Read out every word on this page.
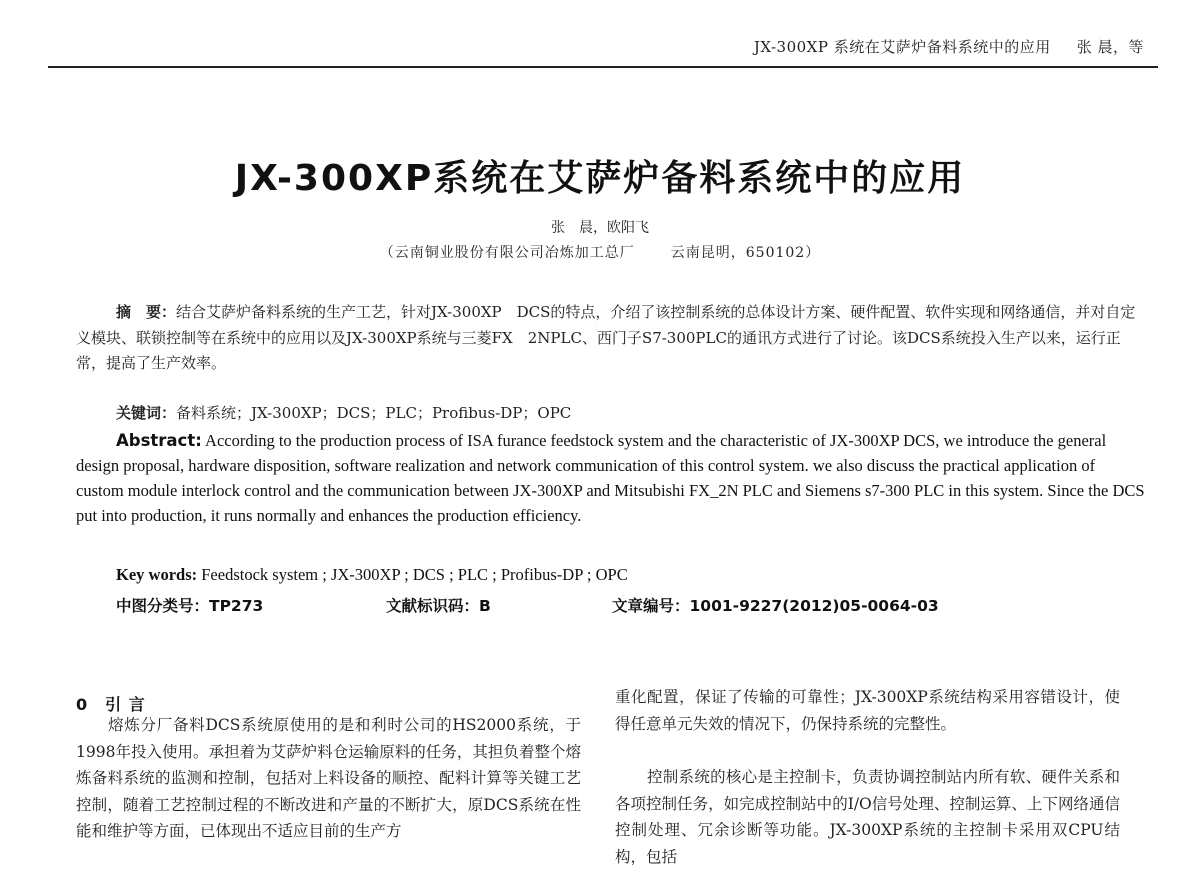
JX-300XP 系统在艾萨炉备料系统中的应用 张 晨，等
JX-300XP系统在艾萨炉备料系统中的应用
张　晨，欧阳飞
（云南铜业股份有限公司冶炼加工总厂	云南昆明，650102）

摘　要：结合艾萨炉备料系统的生产工艺，针对JX-300XP　DCS的特点，介绍了该控制系统的总体设计方案、硬件配置、软件实现和网络通信，并对自定义模块、联锁控制等在系统中的应用以及JX-300XP系统与三菱FX　2NPLC、西门子S7-300PLC的通讯方式进行了讨论。该DCS系统投入生产以来，运行正常，提高了生产效率。

关键词：备料系统；JX-300XP；DCS；PLC；Profibus-DP；OPC

Abstract: According to the production process of ISA furance feedstock system and the characteristic of JX-300XP DCS, we introduce the general design proposal, hardware disposition, software realization and network communication of this control system. we also discuss the practical application of custom module interlock control and the communication between JX-300XP and Mitsubishi FX_2N PLC and Siemens s7-300 PLC in this system. Since the DCS put into production, it runs normally and enhances the production efficiency.

Key words: Feedstock system ; JX-300XP ; DCS ; PLC ; Profibus-DP ; OPC
中图分类号：TP273	文献标识码：B	文章编号：1001-9227(2012)05-0064-03
0　引 言

熔炼分厂备料DCS系统原使用的是和利时公司的HS2000系统，于1998年投入使用。承担着为艾萨炉料仓运输原料的任务，其担负着整个熔炼备料系统的监测和控制，包括对上料设备的顺控、配料计算等关键工艺控制，随着工艺控制过程的不断改进和产量的不断扩大，原DCS系统在性能和维护等方面，已体现出不适应目前的生产方

重化配置，保证了传输的可靠性；JX-300XP系统结构采用容错设计，使得任意单元失效的情况下，仍保持系统的完整性。

控制系统的核心是主控制卡，负责协调控制站内所有软、硬件关系和各项控制任务，如完成控制站中的I/O信号处理、控制运算、上下网络通信控制处理、冗余诊断等功能。JX-300XP系统的主控制卡采用双CPU结构，包括
